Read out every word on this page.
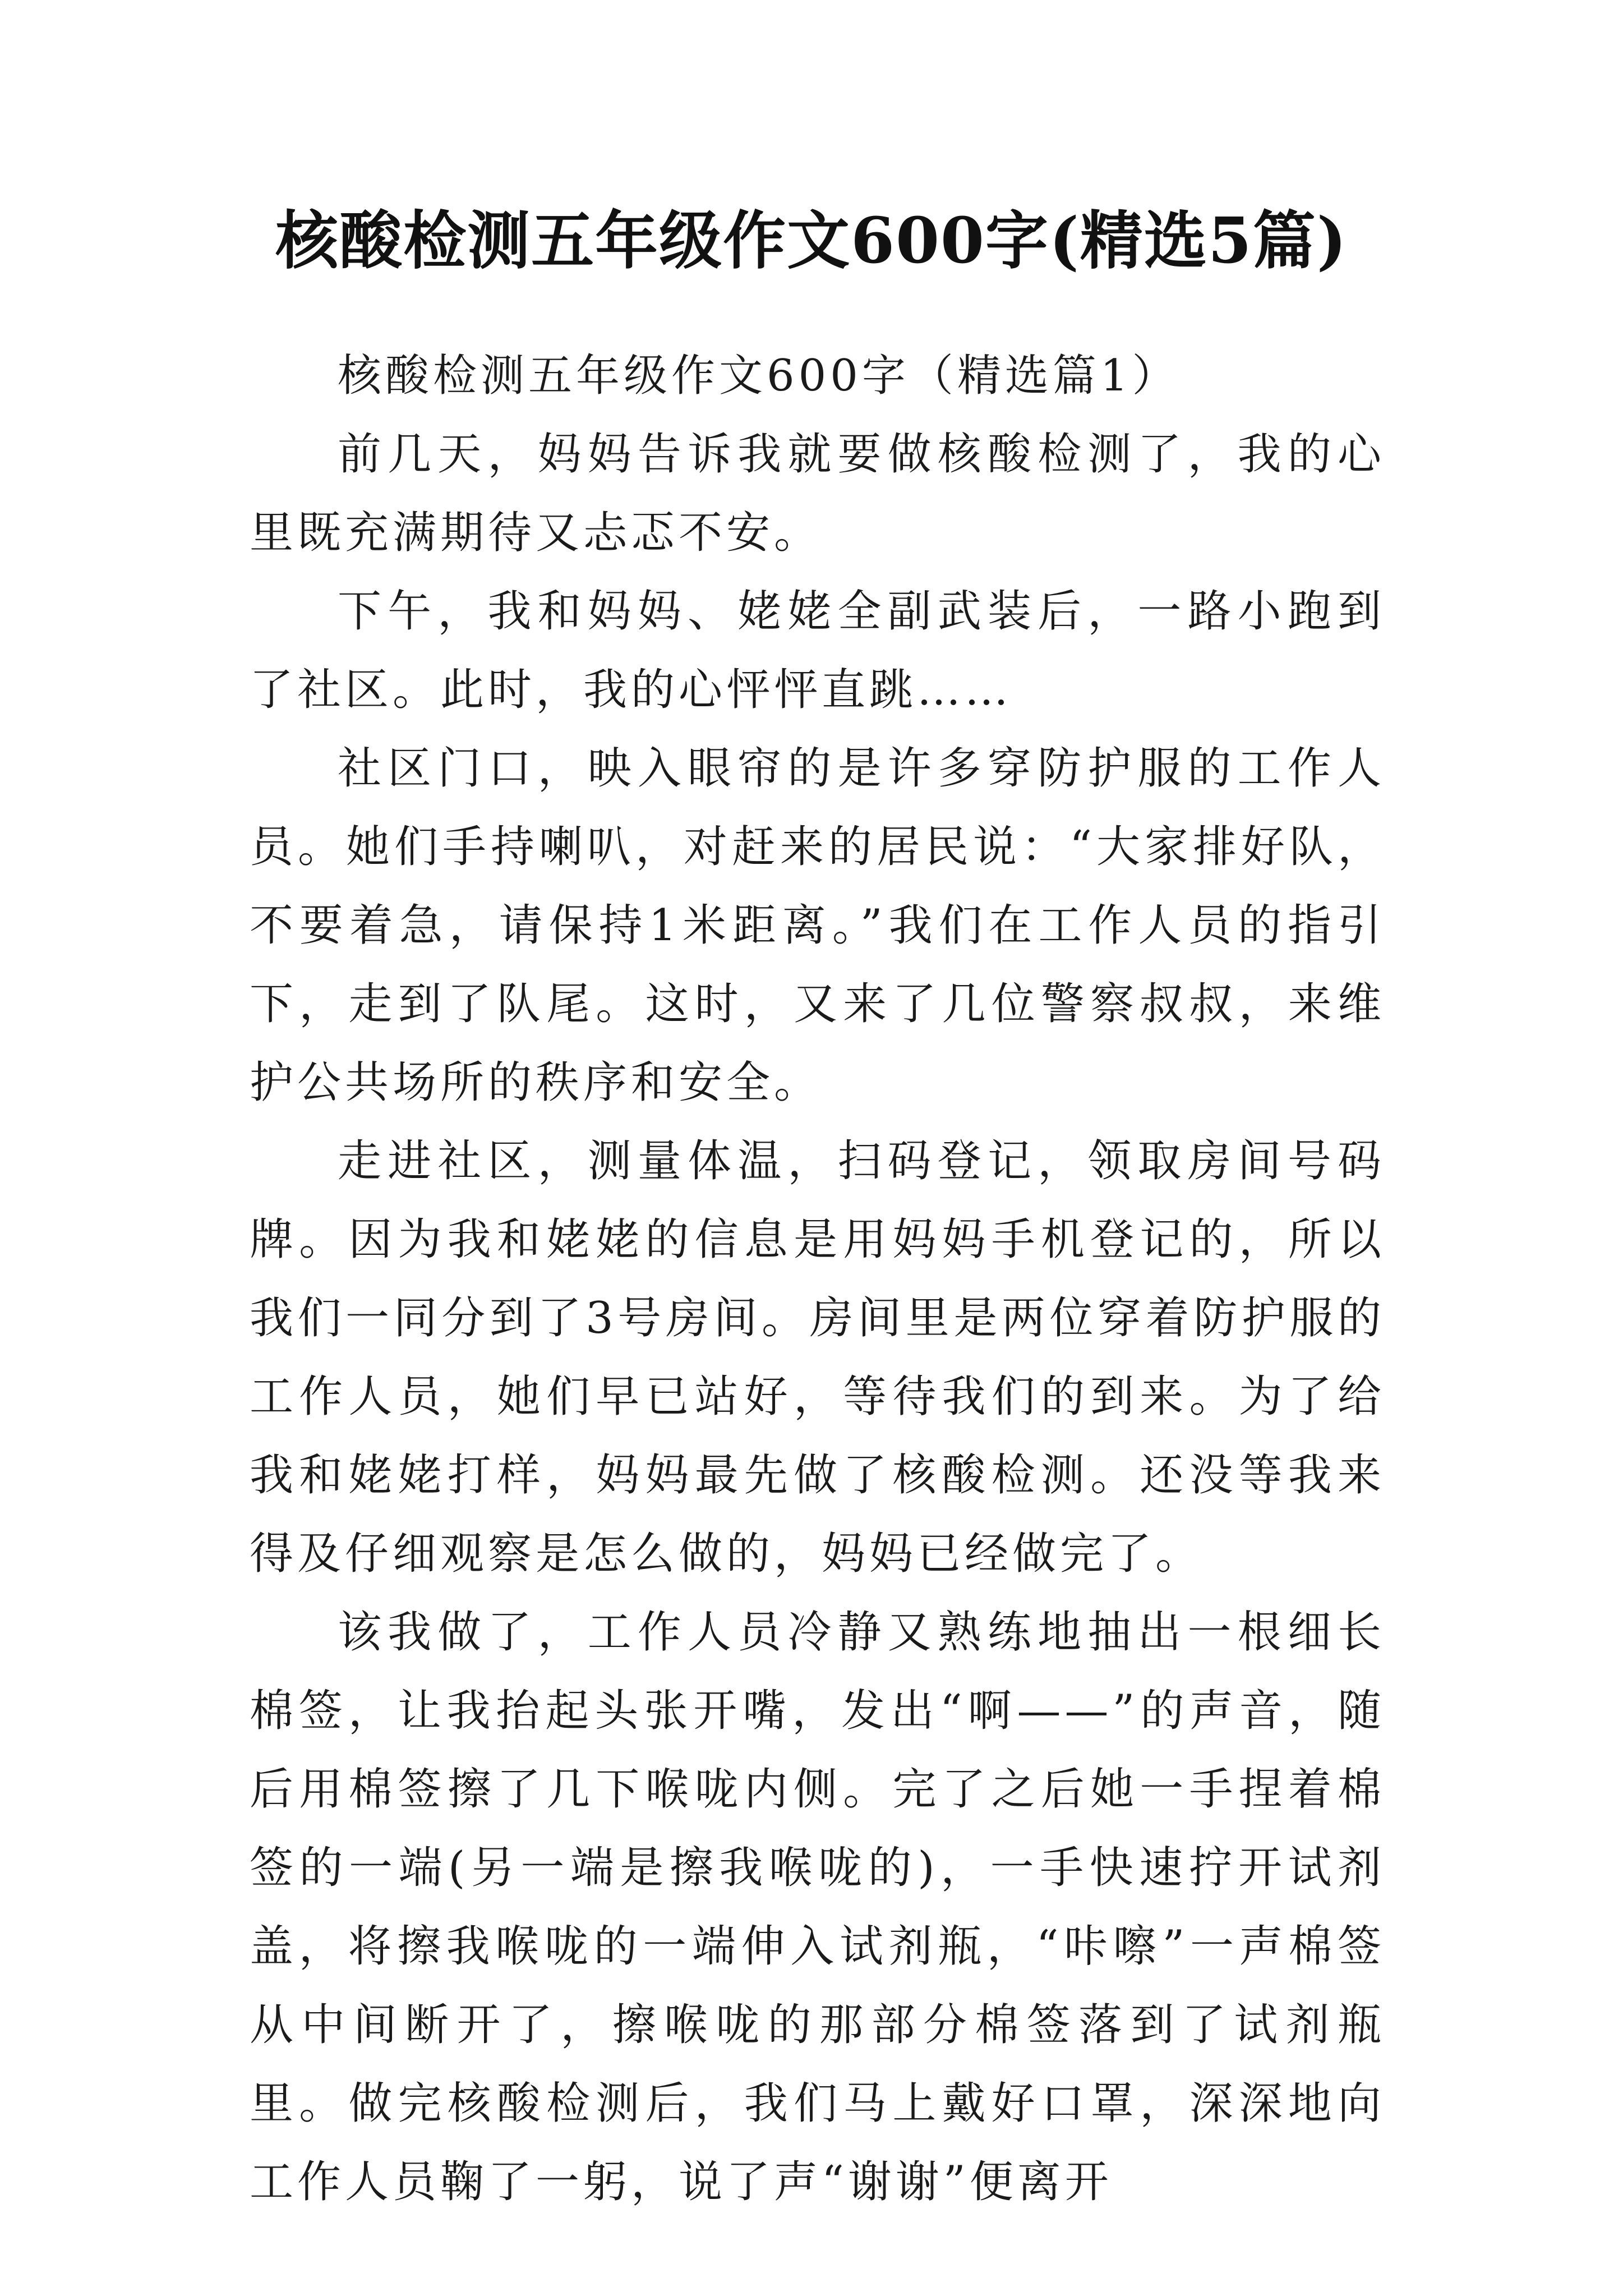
核酸检测五年级作文600字(精选5篇)

核酸检测五年级作文600字（精选篇1）

前几天，妈妈告诉我就要做核酸检测了，我的心里既充满期待又忐忑不安。

下午，我和妈妈、姥姥全副武装后，一路小跑到了社区。此时，我的心怦怦直跳……

社区门口，映入眼帘的是许多穿防护服的工作人员。她们手持喇叭，对赶来的居民说：“大家排好队，不要着急，请保持1米距离。”我们在工作人员的指引下，走到了队尾。这时，又来了几位警察叔叔，来维护公共场所的秩序和安全。

走进社区，测量体温，扫码登记，领取房间号码牌。因为我和姥姥的信息是用妈妈手机登记的，所以我们一同分到了3号房间。房间里是两位穿着防护服的工作人员，她们早已站好，等待我们的到来。为了给我和姥姥打样，妈妈最先做了核酸检测。还没等我来得及仔细观察是怎么做的，妈妈已经做完了。

该我做了，工作人员冷静又熟练地抽出一根细长棉签，让我抬起头张开嘴，发出“啊——”的声音，随后用棉签擦了几下喉咙内侧。完了之后她一手捏着棉签的一端(另一端是擦我喉咙的)，一手快速拧开试剂盖，将擦我喉咙的一端伸入试剂瓶，“咔嚓”一声棉签从中间断开了，擦喉咙的那部分棉签落到了试剂瓶里。做完核酸检测后，我们马上戴好口罩，深深地向工作人员鞠了一躬，说了声“谢谢”便离开
